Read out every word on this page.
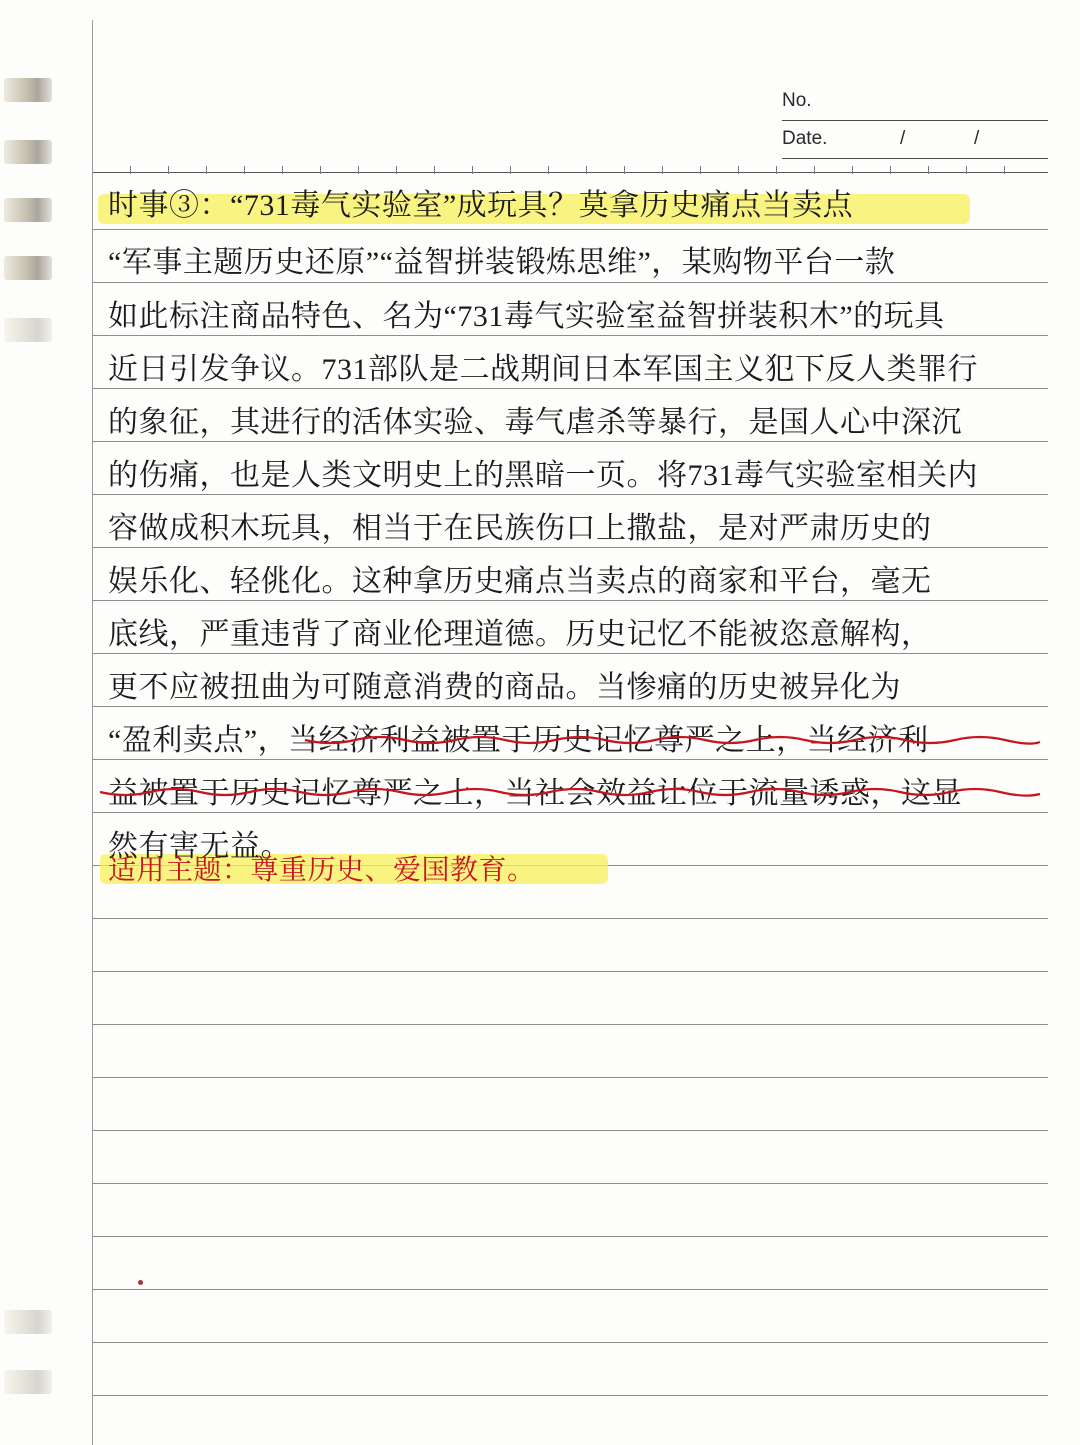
No.
Date.	/	/
时事③：“731毒气实验室”成玩具？莫拿历史痛点当卖点
“军事主题历史还原”“益智拼装锻炼思维”，某购物平台一款
如此标注商品特色、名为“731毒气实验室益智拼装积木”的玩具
近日引发争议。731部队是二战期间日本军国主义犯下反人类罪行
的象征，其进行的活体实验、毒气虐杀等暴行，是国人心中深沉
的伤痛，也是人类文明史上的黑暗一页。将731毒气实验室相关内
容做成积木玩具，相当于在民族伤口上撒盐，是对严肃历史的
娱乐化、轻佻化。这种拿历史痛点当卖点的商家和平台，毫无
底线，严重违背了商业伦理道德。历史记忆不能被恣意解构，
更不应被扭曲为可随意消费的商品。当惨痛的历史被异化为
“盈利卖点”，当经济利益被置于历史记忆尊严之上，当经济利
益被置于历史记忆尊严之上，当社会效益让位于流量诱惑，这显
然有害无益。
适用主题：尊重历史、爱国教育。
